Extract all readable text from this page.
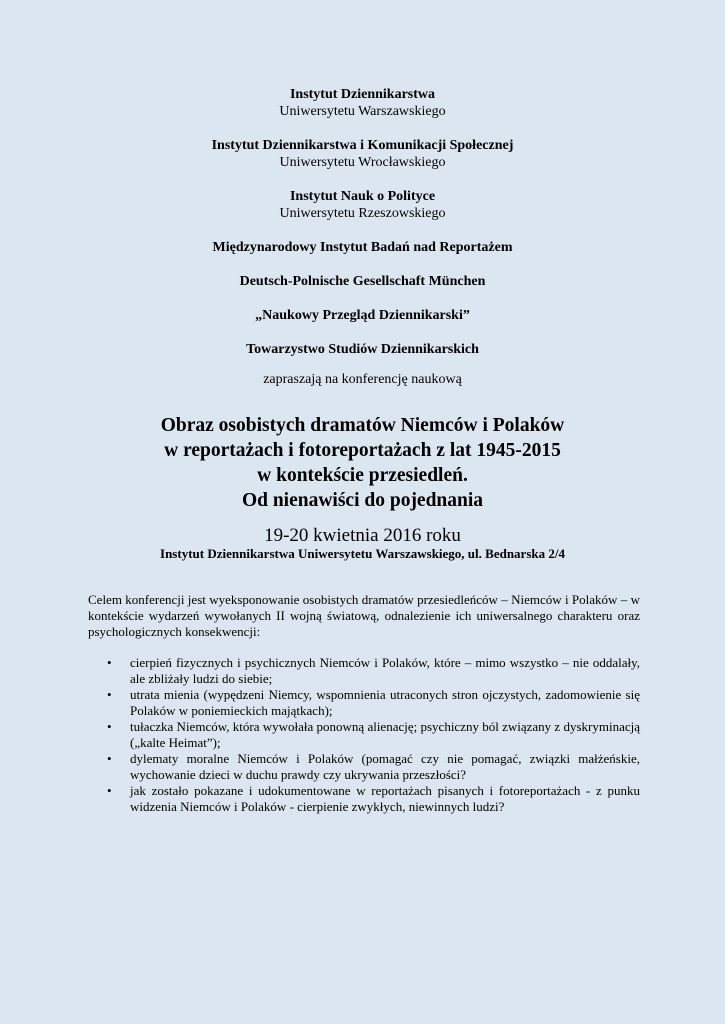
Instytut Dziennikarstwa
Uniwersytetu Warszawskiego
Instytut Dziennikarstwa i Komunikacji Społecznej
Uniwersytetu Wrocławskiego
Instytut Nauk o Polityce
Uniwersytetu Rzeszowskiego
Międzynarodowy Instytut Badań nad Reportażem
Deutsch-Polnische Gesellschaft München
„Naukowy Przegląd Dziennikarski”
Towarzystwo Studiów Dziennikarskich
zapraszają na konferencję naukową
Obraz osobistych dramatów Niemców i Polaków
w reportażach i fotoreportażach z lat 1945-2015
w kontekście przesiedleń.
Od nienawiści do pojednania
19-20 kwietnia 2016 roku
Instytut Dziennikarstwa Uniwersytetu Warszawskiego, ul. Bednarska 2/4
Celem konferencji jest wyeksponowanie osobistych dramatów przesiedleńców – Niemców i Polaków – w kontekście wydarzeń wywołanych II wojną światową, odnalezienie ich uniwersalnego charakteru oraz psychologicznych konsekwencji:
• cierpień fizycznych i psychicznych Niemców i Polaków, które – mimo wszystko – nie oddalały, ale zbliżały ludzi do siebie;
• utrata mienia (wypędzeni Niemcy, wspomnienia utraconych stron ojczystych, zadomowienie się Polaków w poniemieckich majątkach);
• tułaczka Niemców, która wywołała ponowną alienację; psychiczny ból związany z dyskryminacją („kalte Heimat”);
• dylematy moralne Niemców i Polaków (pomagać czy nie pomagać, związki małżeńskie, wychowanie dzieci w duchu prawdy czy ukrywania przeszłości?
• jak zostało pokazane i udokumentowane w reportażach pisanych i fotoreportażach - z punku widzenia Niemców i Polaków - cierpienie zwykłych, niewinnych ludzi?
